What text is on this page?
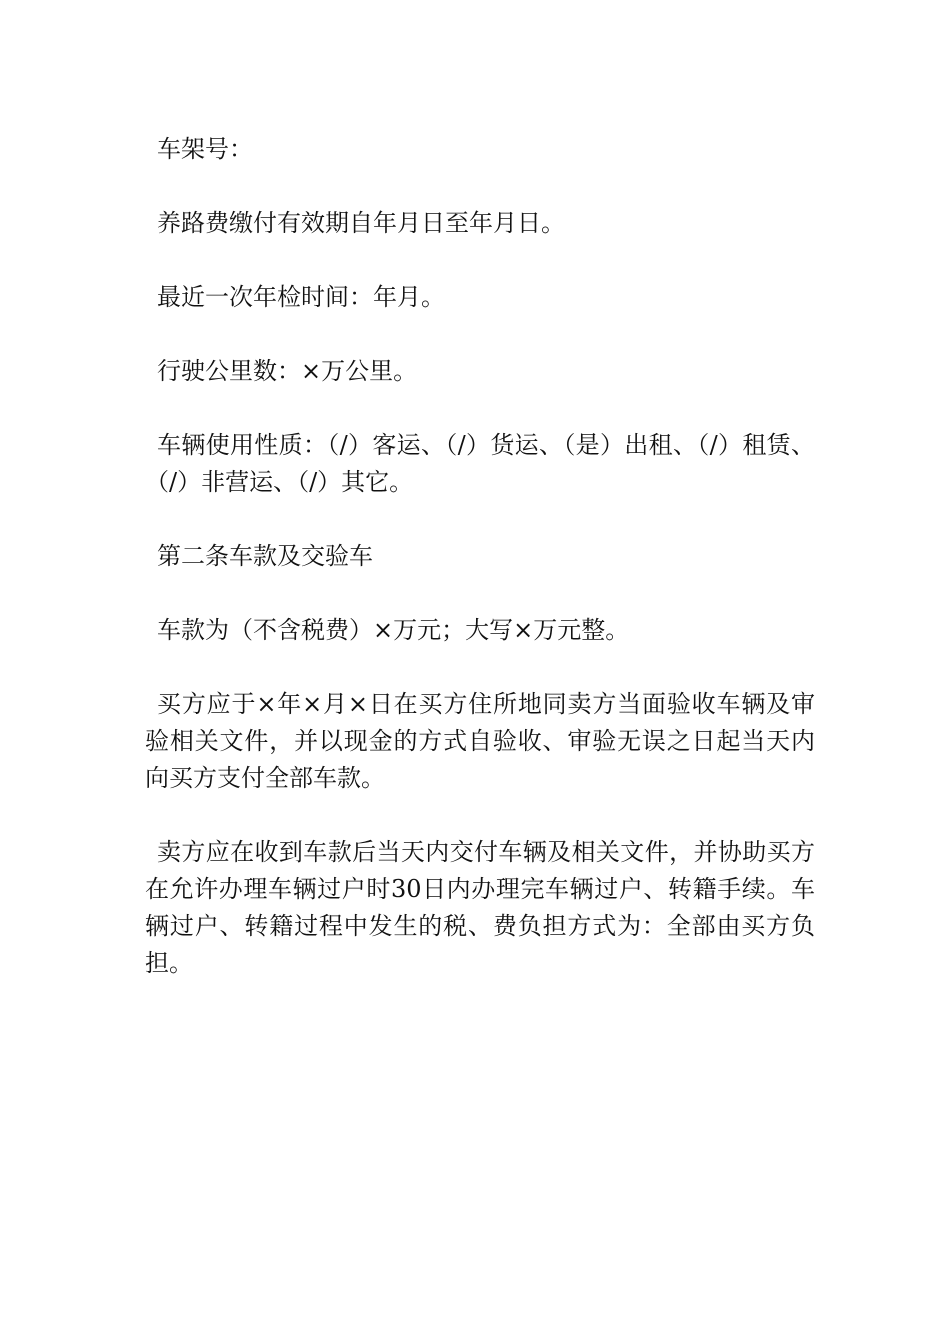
车架号：

养路费缴付有效期自年月日至年月日。

最近一次年检时间：年月。

行驶公里数：×万公里。

车辆使用性质：（/）客运、（/）货运、（是）出租、（/）租赁、（/）非营运、（/）其它。

第二条车款及交验车

车款为（不含税费）×万元；大写×万元整。

买方应于×年×月×日在买方住所地同卖方当面验收车辆及审验相关文件，并以现金的方式自验收、审验无误之日起当天内向买方支付全部车款。

卖方应在收到车款后当天内交付车辆及相关文件，并协助买方在允许办理车辆过户时30日内办理完车辆过户、转籍手续。车辆过户、转籍过程中发生的税、费负担方式为：全部由买方负担。
